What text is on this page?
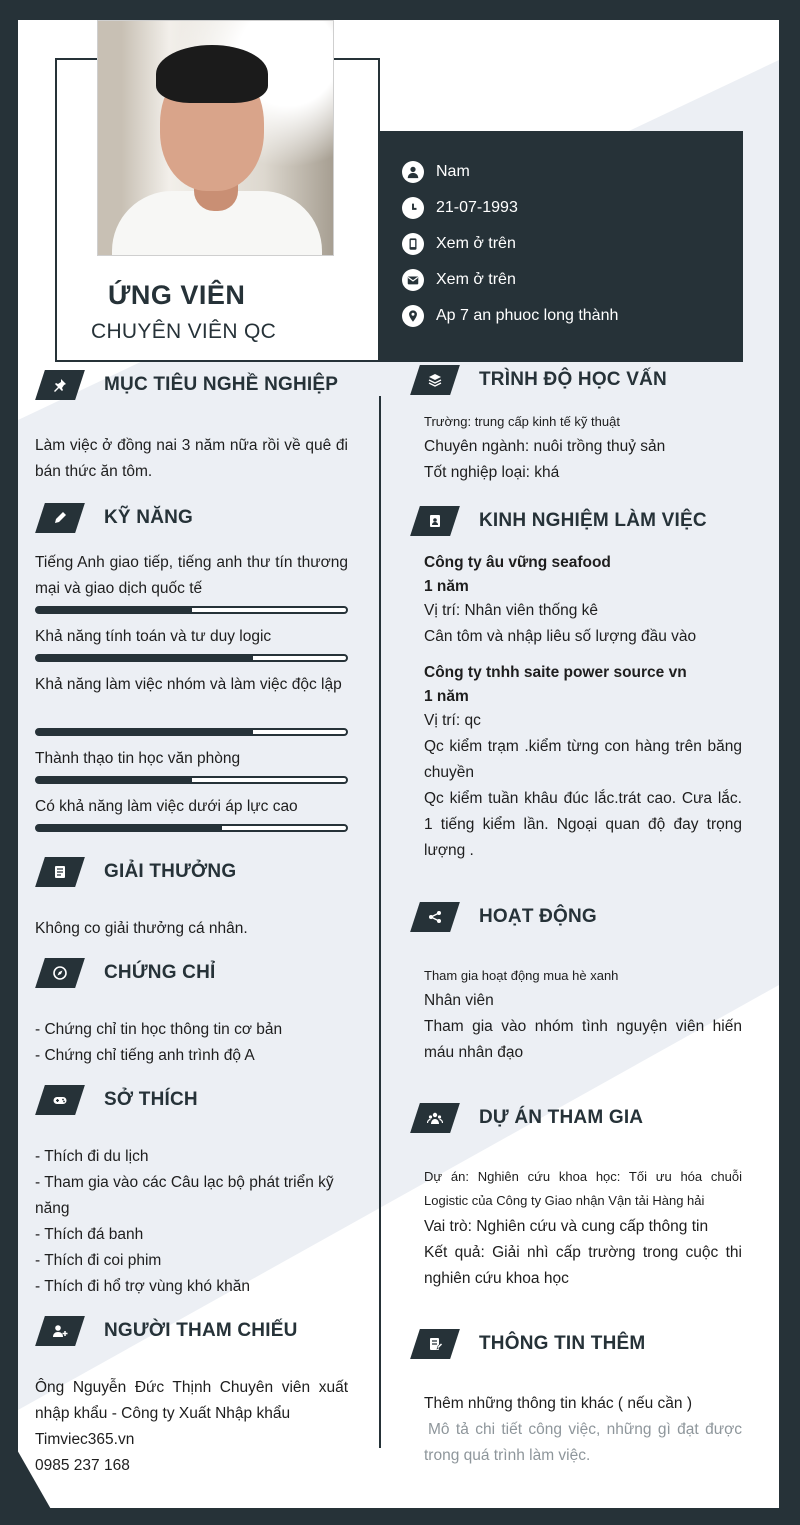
ỨNG VIÊN
CHUYÊN VIÊN QC
Nam
21-07-1993
Xem ở trên
Xem ở trên
Ap 7 an phuoc long thành
MỤC TIÊU NGHỀ NGHIỆP
Làm việc ở đồng nai 3 năm nữa rồi về quê đi bán thức ăn tôm.
KỸ NĂNG
Tiếng Anh giao tiếp, tiếng anh thư tín thương mại và giao dịch quốc tế
Khả năng tính toán và tư duy logic
Khả năng làm việc nhóm và làm việc độc lập
Thành thạo tin học văn phòng
Có khả năng làm việc dưới áp lực cao
GIẢI THƯỞNG
Không co giải thưởng cá nhân.
CHỨNG CHỈ
- Chứng chỉ tin học thông tin cơ bản
- Chứng chỉ tiếng anh trình độ A
SỞ THÍCH
- Thích đi du lịch
- Tham gia vào các Câu lạc bộ phát triển kỹ năng
- Thích đá banh
- Thích đi coi phim
- Thích đi hổ trợ vùng khó khăn
NGƯỜI THAM CHIẾU
Ông Nguyễn Đức Thịnh Chuyên viên xuất nhập khẩu - Công ty Xuất Nhập khẩu
Timviec365.vn
0985 237 168
TRÌNH ĐỘ HỌC VẤN
Trường: trung cấp kinh tế kỹ thuật
Chuyên ngành: nuôi trồng thuỷ sản
Tốt nghiệp loại: khá
KINH NGHIỆM LÀM VIỆC
Công ty âu vững seafood
1 năm
Vị trí: Nhân viên thống kê
Cân tôm và nhập liêu số lượng đầu vào
Công ty tnhh saite power source vn
1 năm
Vị trí: qc
Qc kiểm trạm .kiểm từng con hàng trên băng chuyền
Qc kiểm tuần khâu đúc lắc.trát cao. Cưa lắc. 1 tiếng kiểm lần. Ngoại quan độ đay trọng lượng .
HOẠT ĐỘNG
Tham gia hoạt động mua hè xanh
Nhân viên
Tham gia vào nhóm tình nguyện viên hiến máu nhân đạo
DỰ ÁN THAM GIA
Dự án: Nghiên cứu khoa học: Tối ưu hóa chuỗi Logistic của Công ty Giao nhận Vận tải Hàng hải
Vai trò: Nghiên cứu và cung cấp thông tin
Kết quả: Giải nhì cấp trường trong cuộc thi nghiên cứu khoa học
THÔNG TIN THÊM
Thêm những thông tin khác ( nếu cần )
Mô tả chi tiết công việc, những gì đạt được trong quá trình làm việc.
